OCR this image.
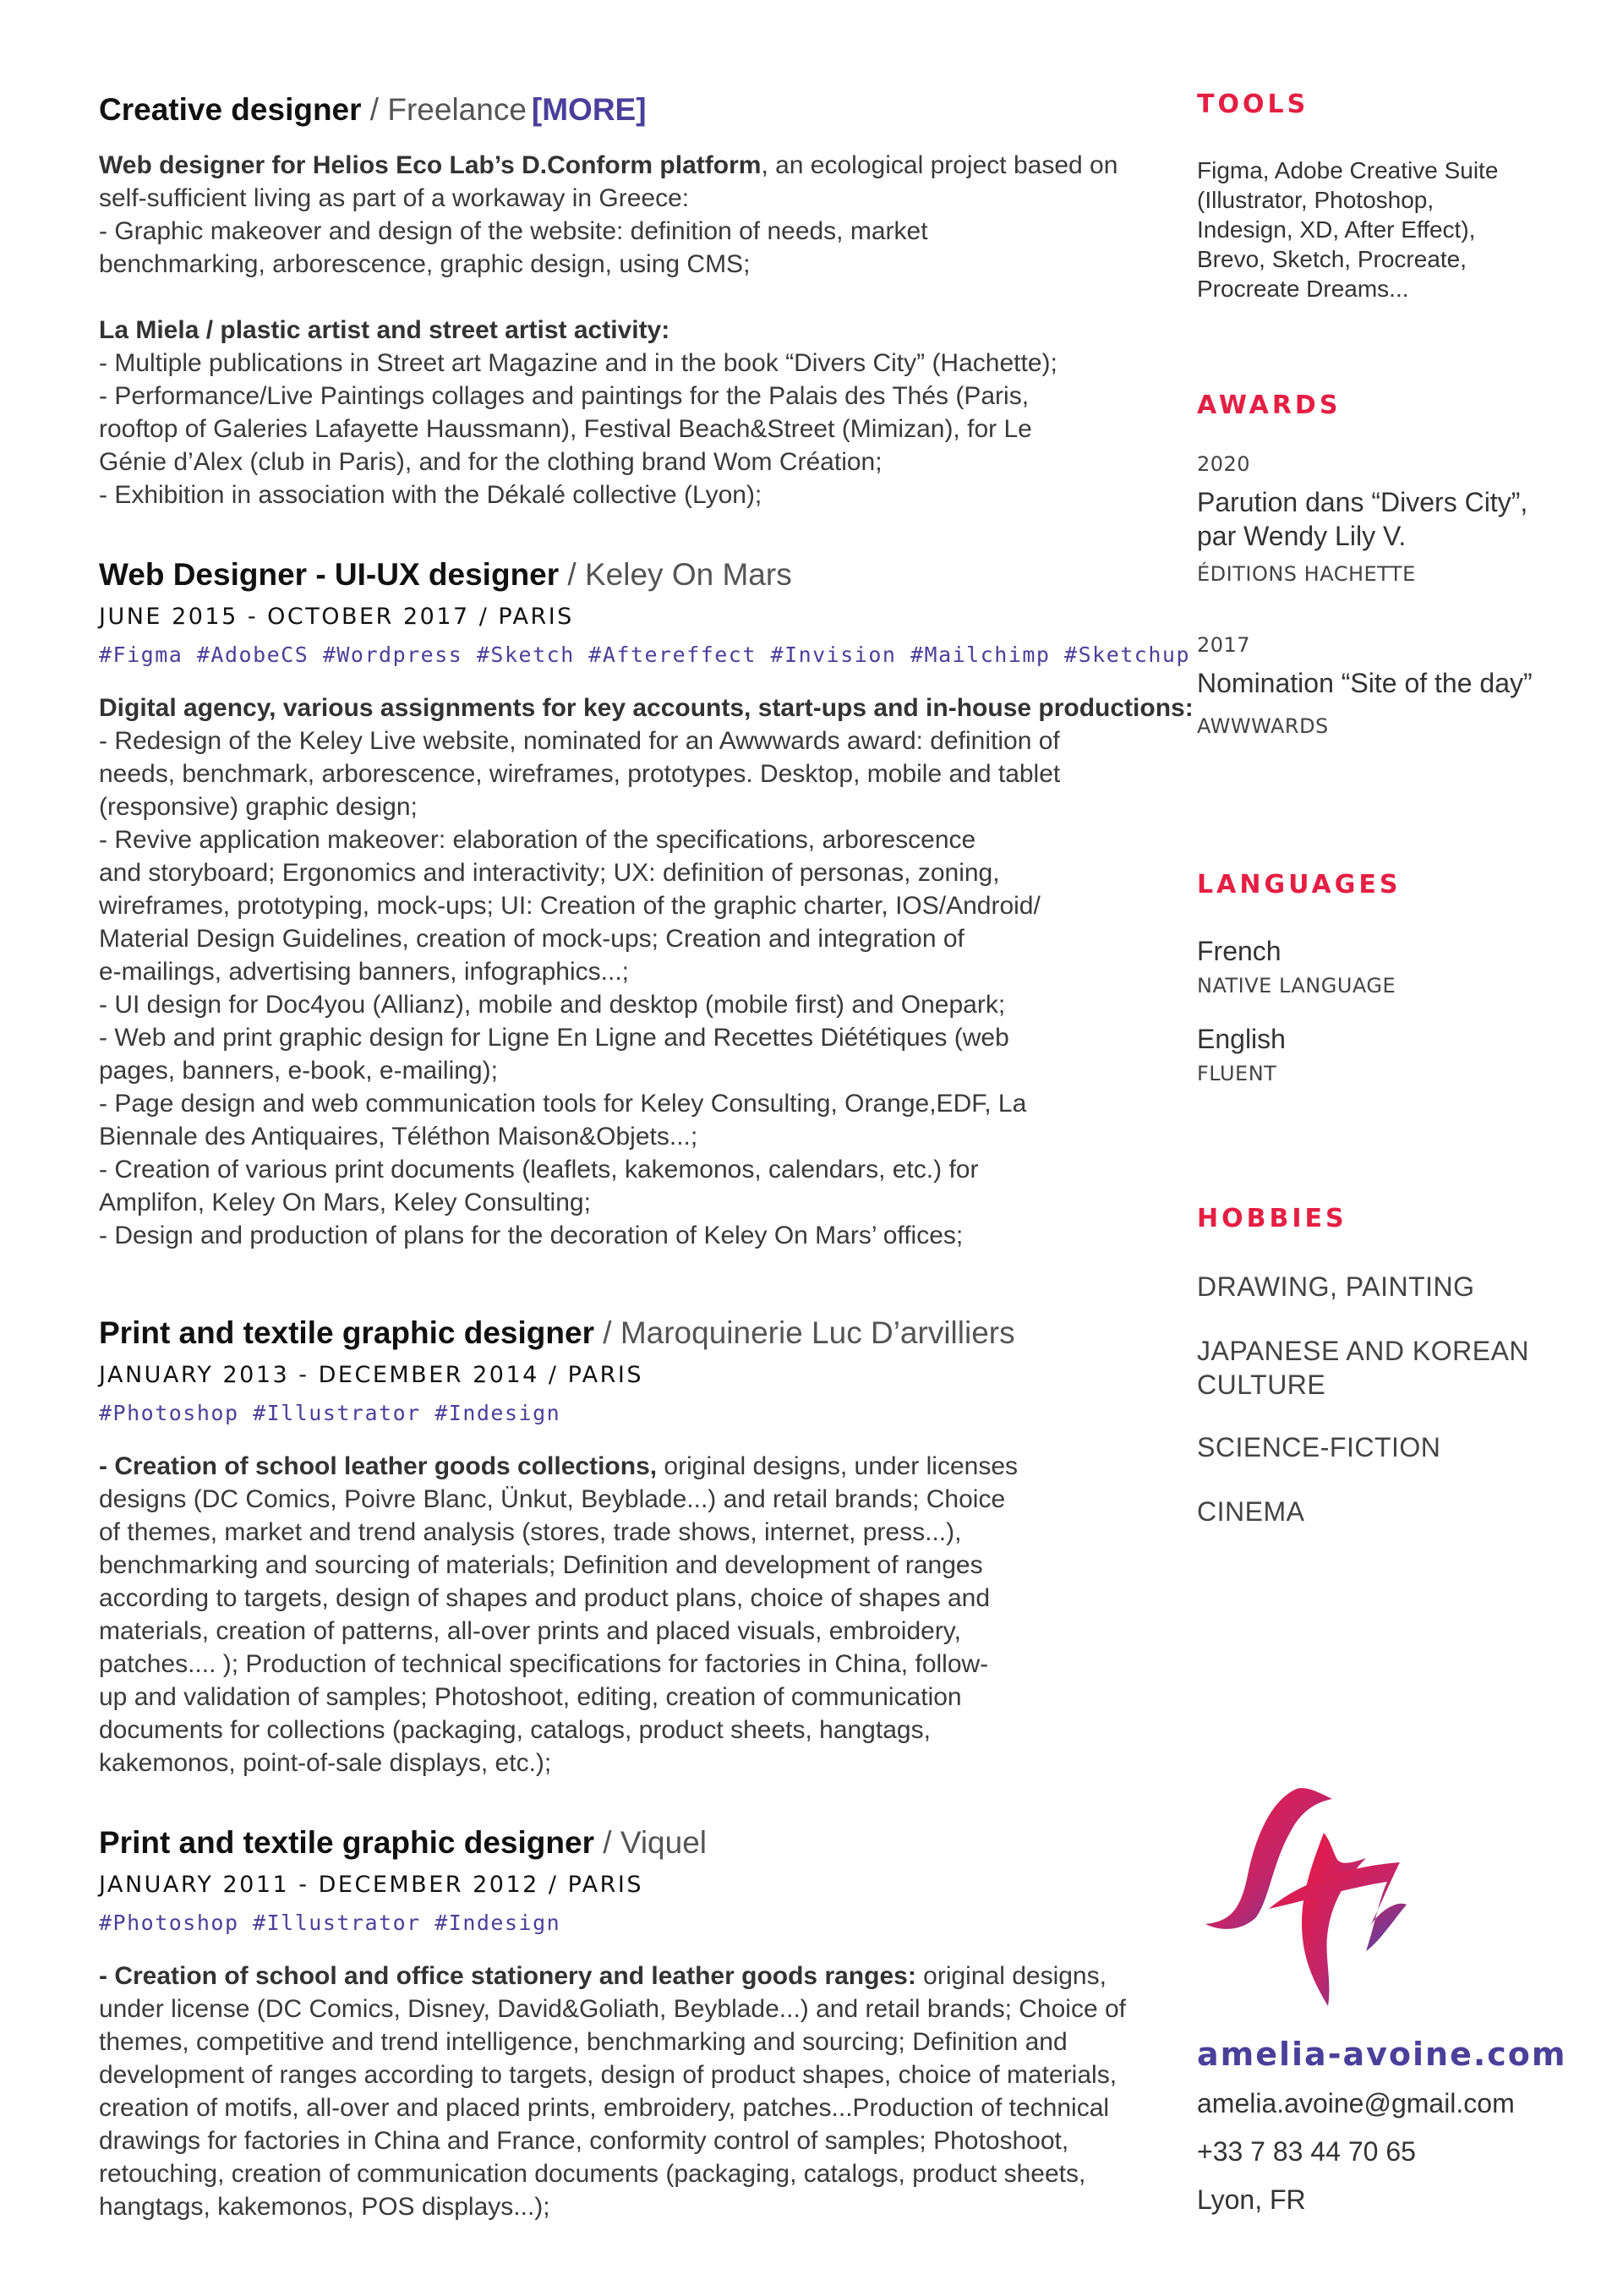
Creative designer / Freelance [MORE]
Web designer for Helios Eco Lab’s D.Conform platform, an ecological project based on
self-sufficient living as part of a workaway in Greece:
- Graphic makeover and design of the website: definition of needs, market
benchmarking, arborescence, graphic design, using CMS;
La Miela / plastic artist and street artist activity:
- Multiple publications in Street art Magazine and in the book “Divers City” (Hachette);
- Performance/Live Paintings collages and paintings for the Palais des Thés (Paris,
rooftop of Galeries Lafayette Haussmann), Festival Beach&Street (Mimizan), for Le
Génie d’Alex (club in Paris), and for the clothing brand Wom Création;
- Exhibition in association with the Dékalé collective (Lyon);
Web Designer - UI-UX designer / Keley On Mars
JUNE 2015 - OCTOBER 2017 / PARIS
#Figma #AdobeCS #Wordpress #Sketch #Aftereffect #Invision #Mailchimp #Sketchup
Digital agency, various assignments for key accounts, start-ups and in-house productions:
- Redesign of the Keley Live website, nominated for an Awwwards award: definition of
needs, benchmark, arborescence, wireframes, prototypes. Desktop, mobile and tablet
(responsive) graphic design;
- Revive application makeover: elaboration of the specifications, arborescence
and storyboard; Ergonomics and interactivity; UX: definition of personas, zoning,
wireframes, prototyping, mock-ups; UI: Creation of the graphic charter, IOS/Android/
Material Design Guidelines, creation of mock-ups; Creation and integration of
e-mailings, advertising banners, infographics...;
- UI design for Doc4you (Allianz), mobile and desktop (mobile first) and Onepark;
- Web and print graphic design for Ligne En Ligne and Recettes Diététiques (web
pages, banners, e-book, e-mailing);
- Page design and web communication tools for Keley Consulting, Orange,EDF, La
Biennale des Antiquaires, Téléthon Maison&Objets...;
- Creation of various print documents (leaflets, kakemonos, calendars, etc.) for
Amplifon, Keley On Mars, Keley Consulting;
- Design and production of plans for the decoration of Keley On Mars’ offices;
Print and textile graphic designer / Maroquinerie Luc D’arvilliers
JANUARY 2013 - DECEMBER 2014 / PARIS
#Photoshop #Illustrator #Indesign
- Creation of school leather goods collections, original designs, under licenses
designs (DC Comics, Poivre Blanc, Ünkut, Beyblade...) and retail brands; Choice
of themes, market and trend analysis (stores, trade shows, internet, press...),
benchmarking and sourcing of materials; Definition and development of ranges
according to targets, design of shapes and product plans, choice of shapes and
materials, creation of patterns, all-over prints and placed visuals, embroidery,
patches.... ); Production of technical specifications for factories in China, follow-
up and validation of samples; Photoshoot, editing, creation of communication
documents for collections (packaging, catalogs, product sheets, hangtags,
kakemonos, point-of-sale displays, etc.);
Print and textile graphic designer / Viquel
JANUARY 2011 - DECEMBER 2012 / PARIS
#Photoshop #Illustrator #Indesign
- Creation of school and office stationery and leather goods ranges: original designs,
under license (DC Comics, Disney, David&Goliath, Beyblade...) and retail brands; Choice of
themes, competitive and trend intelligence, benchmarking and sourcing; Definition and
development of ranges according to targets, design of product shapes, choice of materials,
creation of motifs, all-over and placed prints, embroidery, patches...Production of technical
drawings for factories in China and France, conformity control of samples; Photoshoot,
retouching, creation of communication documents (packaging, catalogs, product sheets,
hangtags, kakemonos, POS displays...);
TOOLS
Figma, Adobe Creative Suite
(Illustrator, Photoshop,
Indesign, XD, After Effect),
Brevo, Sketch, Procreate,
Procreate Dreams...
AWARDS
2020
Parution dans “Divers City”,
par Wendy Lily V.
ÉDITIONS HACHETTE
2017
Nomination “Site of the day”
AWWWARDS
LANGUAGES
French
NATIVE LANGUAGE
English
FLUENT
HOBBIES
DRAWING, PAINTING
JAPANESE AND KOREAN
CULTURE
SCIENCE-FICTION
CINEMA
amelia-avoine.com
amelia.avoine@gmail.com
+33 7 83 44 70 65
Lyon, FR
